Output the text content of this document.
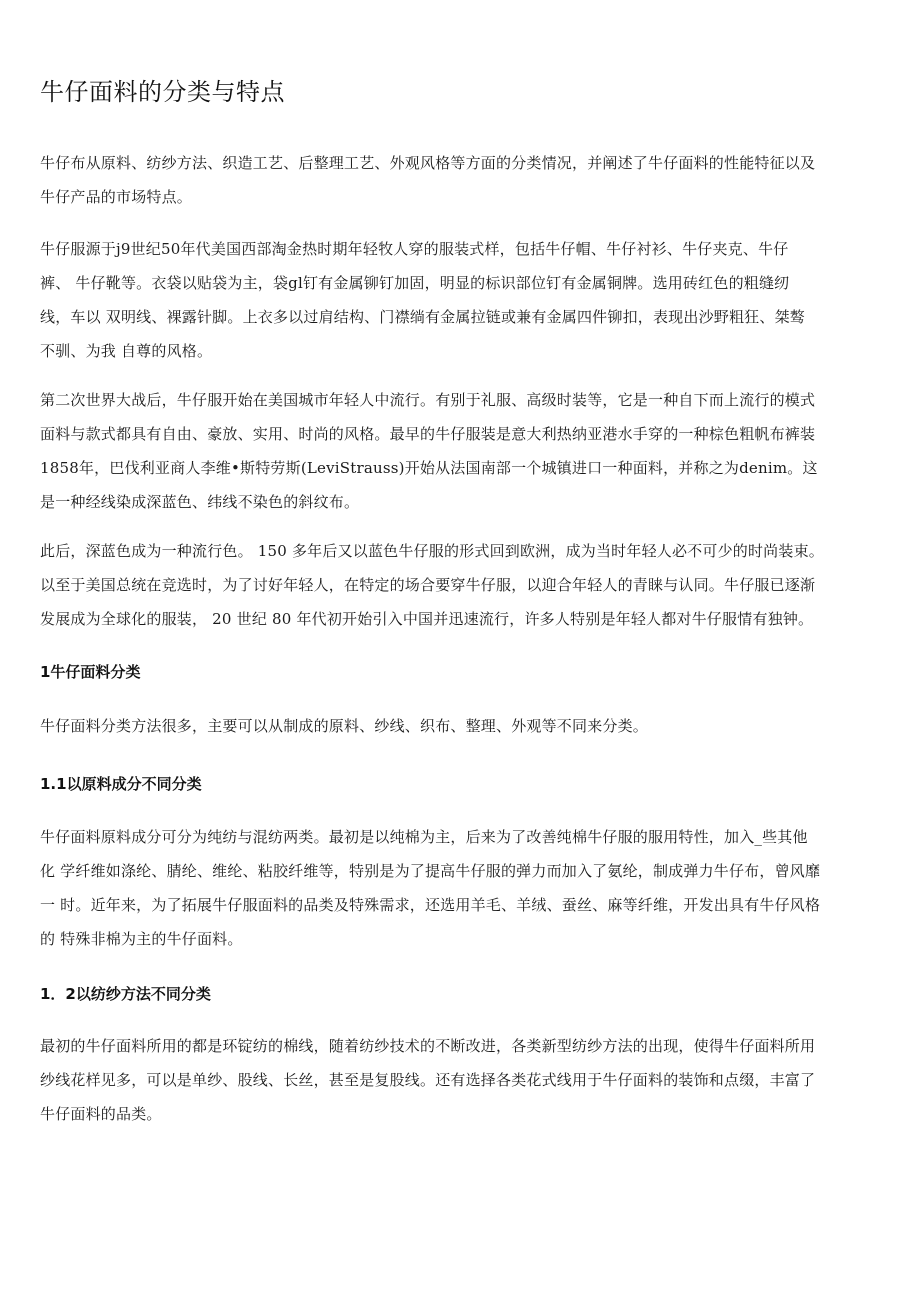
牛仔面料的分类与特点
牛仔布从原料、纺纱方法、织造工艺、后整理工艺、外观风格等方面的分类情况，并阐述了牛仔面料的性能特征以及
牛仔产品的市场特点。
牛仔服源于j9世纪50年代美国西部淘金热时期年轻牧人穿的服装式样，包括牛仔帽、牛仔衬衫、牛仔夹克、牛仔
裤、 牛仔靴等。衣袋以贴袋为主，袋gl钉有金属铆钉加固，明显的标识部位钉有金属铜牌。选用砖红色的粗缝纫
线，车以 双明线、裸露针脚。上衣多以过肩结构、门襟绱有金属拉链或兼有金属四件铆扣，表现出沙野粗狂、桀骜
不驯、为我 自尊的风格。
第二次世界大战后，牛仔服开始在美国城市年轻人中流行。有别于礼服、高级时装等，它是一种自下而上流行的模式
面料与款式都具有自由、豪放、实用、时尚的风格。最早的牛仔服装是意大利热纳亚港水手穿的一种棕色粗帆布裤装
1858年，巴伐利亚商人李维•斯特劳斯(LeviStrauss)开始从法国南部一个城镇进口一种面料，并称之为denim。这
是一种经线染成深蓝色、纬线不染色的斜纹布。
此后，深蓝色成为一种流行色。 150 多年后又以蓝色牛仔服的形式回到欧洲，成为当时年轻人必不可少的时尚装束。
以至于美国总统在竞选时，为了讨好年轻人，在特定的场合要穿牛仔服，以迎合年轻人的青睐与认同。牛仔服已逐渐
发展成为全球化的服装， 20 世纪 80 年代初开始引入中国并迅速流行，许多人特别是年轻人都对牛仔服情有独钟。
1牛仔面料分类
牛仔面料分类方法很多，主要可以从制成的原料、纱线、织布、整理、外观等不同来分类。
1.1以原料成分不同分类
牛仔面料原料成分可分为纯纺与混纺两类。最初是以纯棉为主，后来为了改善纯棉牛仔服的服用特性，加入_些其他
化 学纤维如涤纶、腈纶、维纶、粘胶纤维等，特别是为了提高牛仔服的弹力而加入了氨纶，制成弹力牛仔布，曾风靡
一 时。近年来，为了拓展牛仔服面料的品类及特殊需求，还选用羊毛、羊绒、蚕丝、麻等纤维，开发出具有牛仔风格
的 特殊非棉为主的牛仔面料。
1．2以纺纱方法不同分类
最初的牛仔面料所用的都是环锭纺的棉线，随着纺纱技术的不断改进，各类新型纺纱方法的出现，使得牛仔面料所用
纱线花样见多，可以是单纱、股线、长丝，甚至是复股线。还有选择各类花式线用于牛仔面料的装饰和点缀，丰富了
牛仔面料的品类。
